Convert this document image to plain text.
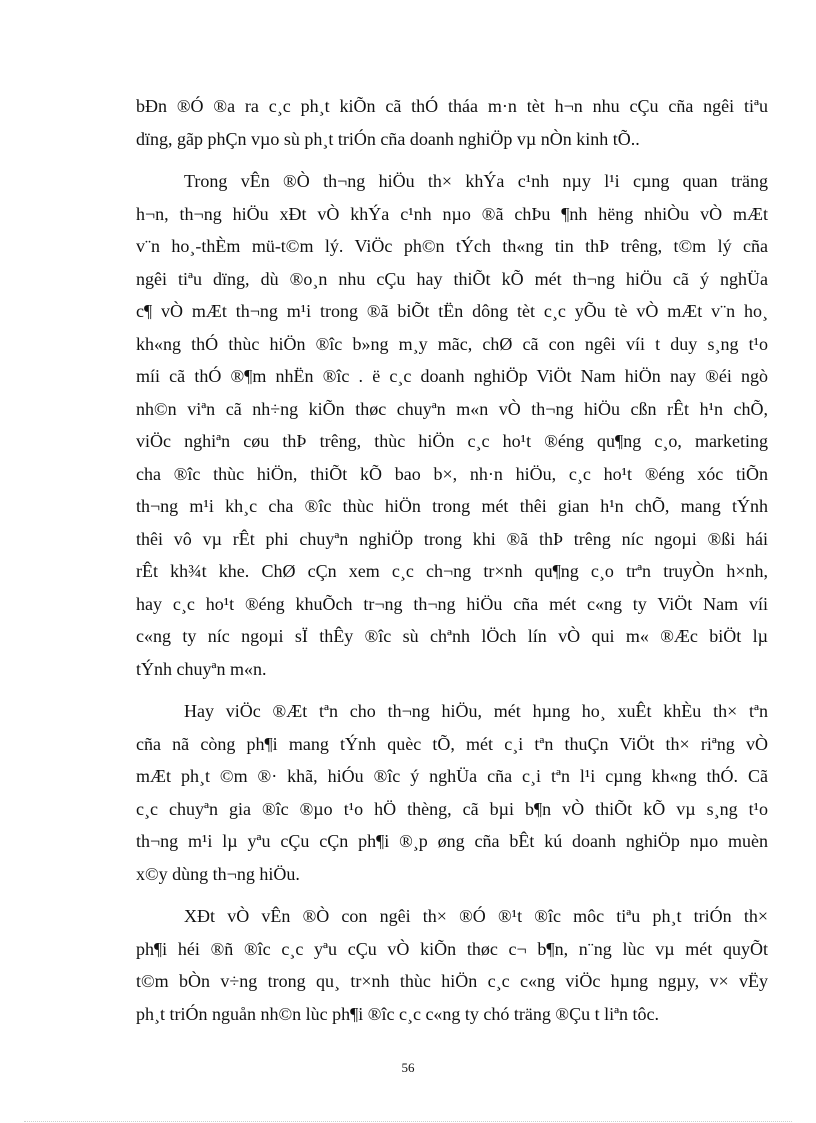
bÐn ®Ó ®a ra c¸c ph¸t kiÕn cã thÓ tháa m·n tèt h¬n nhu cÇu cña ngêi tiªu
dïng, gãp phÇn vµo sù ph¸t triÓn cña doanh nghiÖp vµ nÒn kinh tÕ..
Trong vÊn ®Ò th¬ng hiÖu th× khÝa c¹nh nµy l¹i cµng quan träng
h¬n, th¬ng hiÖu xÐt vÒ khÝa c¹nh nµo ®ã chÞu ¶nh hëng nhiÒu vÒ mÆt
v¨n ho¸-thÈm mü-t©m lý. ViÖc ph©n tÝch th«ng tin thÞ trêng, t©m lý cña
ngêi tiªu dïng, dù ®o¸n nhu cÇu hay thiÕt kÕ mét th¬ng hiÖu cã ý nghÜa
c¶ vÒ mÆt th¬ng m¹i trong ®ã biÕt tËn dông tèt c¸c yÕu tè vÒ mÆt v¨n ho¸
kh«ng thÓ thùc hiÖn ®îc b»ng m¸y mãc, chØ cã con ngêi víi t duy s¸ng t¹o
míi cã thÓ ®¶m nhËn ®îc . ë c¸c doanh nghiÖp ViÖt Nam hiÖn nay ®éi ngò
nh©n viªn cã nh÷ng kiÕn thøc chuyªn m«n vÒ th¬ng hiÖu cßn rÊt h¹n chÕ,
viÖc nghiªn cøu thÞ trêng, thùc hiÖn c¸c ho¹t ®éng qu¶ng c¸o, marketing
cha ®îc thùc hiÖn, thiÕt kÕ bao b×, nh·n hiÖu, c¸c ho¹t ®éng xóc tiÕn
th¬ng m¹i kh¸c cha ®îc thùc hiÖn trong mét thêi gian h¹n chÕ, mang tÝnh
thêi vô vµ rÊt phi chuyªn nghiÖp trong khi ®ã thÞ trêng níc ngoµi ®ßi hái
rÊt kh¾t khe. ChØ cÇn xem c¸c ch¬ng tr×nh qu¶ng c¸o trªn truyÒn h×nh,
hay c¸c ho¹t ®éng khuÕch tr¬ng th¬ng hiÖu cña mét c«ng ty ViÖt Nam víi
c«ng ty níc ngoµi sÏ thÊy ®îc sù chªnh lÖch lín vÒ qui m« ®Æc biÖt lµ
tÝnh chuyªn m«n.
Hay viÖc ®Æt tªn cho th¬ng hiÖu, mét hµng ho¸ xuÊt khÈu th× tªn
cña nã còng ph¶i mang tÝnh quèc tÕ, mét c¸i tªn thuÇn ViÖt th× riªng vÒ
mÆt ph¸t ©m ®· khã, hiÓu ®îc ý nghÜa cña c¸i tªn l¹i cµng kh«ng thÓ. Cã
c¸c chuyªn gia ®îc ®µo t¹o hÖ thèng, cã bµi b¶n vÒ thiÕt kÕ vµ s¸ng t¹o
th¬ng m¹i lµ yªu cÇu cÇn ph¶i ®¸p øng cña bÊt kú doanh nghiÖp nµo muèn
x©y dùng th¬ng hiÖu.
XÐt vÒ vÊn ®Ò con ngêi th× ®Ó ®¹t ®îc môc tiªu ph¸t triÓn th×
ph¶i héi ®ñ ®îc c¸c yªu cÇu vÒ kiÕn thøc c¬ b¶n, n¨ng lùc vµ mét quyÕt
t©m bÒn v÷ng trong qu¸ tr×nh thùc hiÖn c¸c c«ng viÖc hµng ngµy, v× vËy
ph¸t triÓn nguån nh©n lùc ph¶i ®îc c¸c c«ng ty chó träng ®Çu t liªn tôc.
56
